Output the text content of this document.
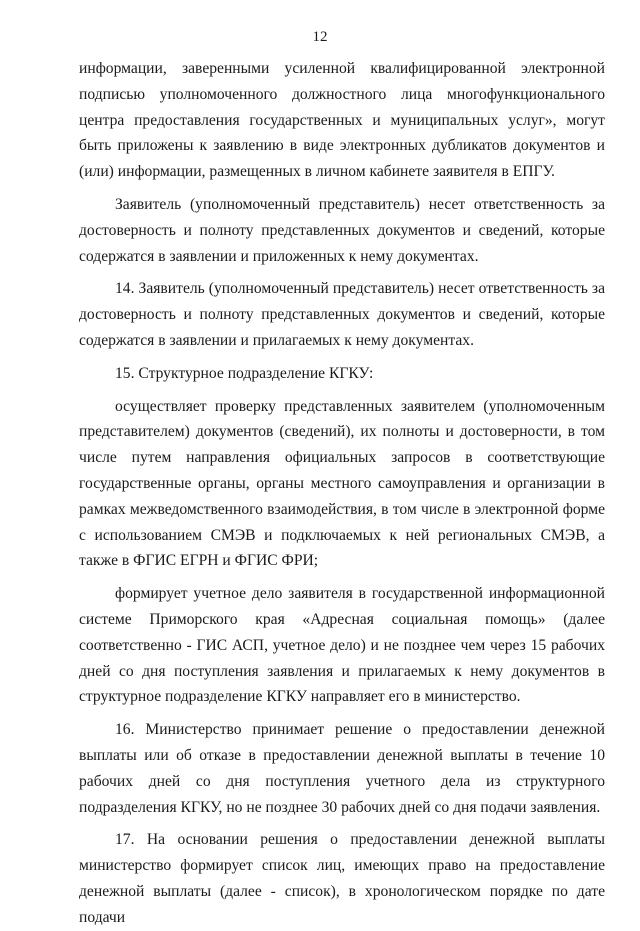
12

информации, заверенными усиленной квалифицированной электронной подписью уполномоченного должностного лица многофункционального центра предоставления государственных и муниципальных услуг», могут быть приложены к заявлению в виде электронных дубликатов документов и (или) информации, размещенных в личном кабинете заявителя в ЕПГУ.

Заявитель (уполномоченный представитель) несет ответственность за достоверность и полноту представленных документов и сведений, которые содержатся в заявлении и приложенных к нему документах.

14. Заявитель (уполномоченный представитель) несет ответственность за достоверность и полноту представленных документов и сведений, которые содержатся в заявлении и прилагаемых к нему документах.

15. Структурное подразделение КГКУ:

осуществляет проверку представленных заявителем (уполномоченным представителем) документов (сведений), их полноты и достоверности, в том числе путем направления официальных запросов в соответствующие государственные органы, органы местного самоуправления и организации в рамках межведомственного взаимодействия, в том числе в электронной форме с использованием СМЭВ и подключаемых к ней региональных СМЭВ, а также в ФГИС ЕГРН и ФГИС ФРИ;

формирует учетное дело заявителя в государственной информационной системе Приморского края «Адресная социальная помощь» (далее соответственно - ГИС АСП, учетное дело) и не позднее чем через 15 рабочих дней со дня поступления заявления и прилагаемых к нему документов в структурное подразделение КГКУ направляет его в министерство.

16. Министерство принимает решение о предоставлении денежной выплаты или об отказе в предоставлении денежной выплаты в течение 10 рабочих дней со дня поступления учетного дела из структурного подразделения КГКУ, но не позднее 30 рабочих дней со дня подачи заявления.

17. На основании решения о предоставлении денежной выплаты министерство формирует список лиц, имеющих право на предоставление денежной выплаты (далее - список), в хронологическом порядке по дате подачи
